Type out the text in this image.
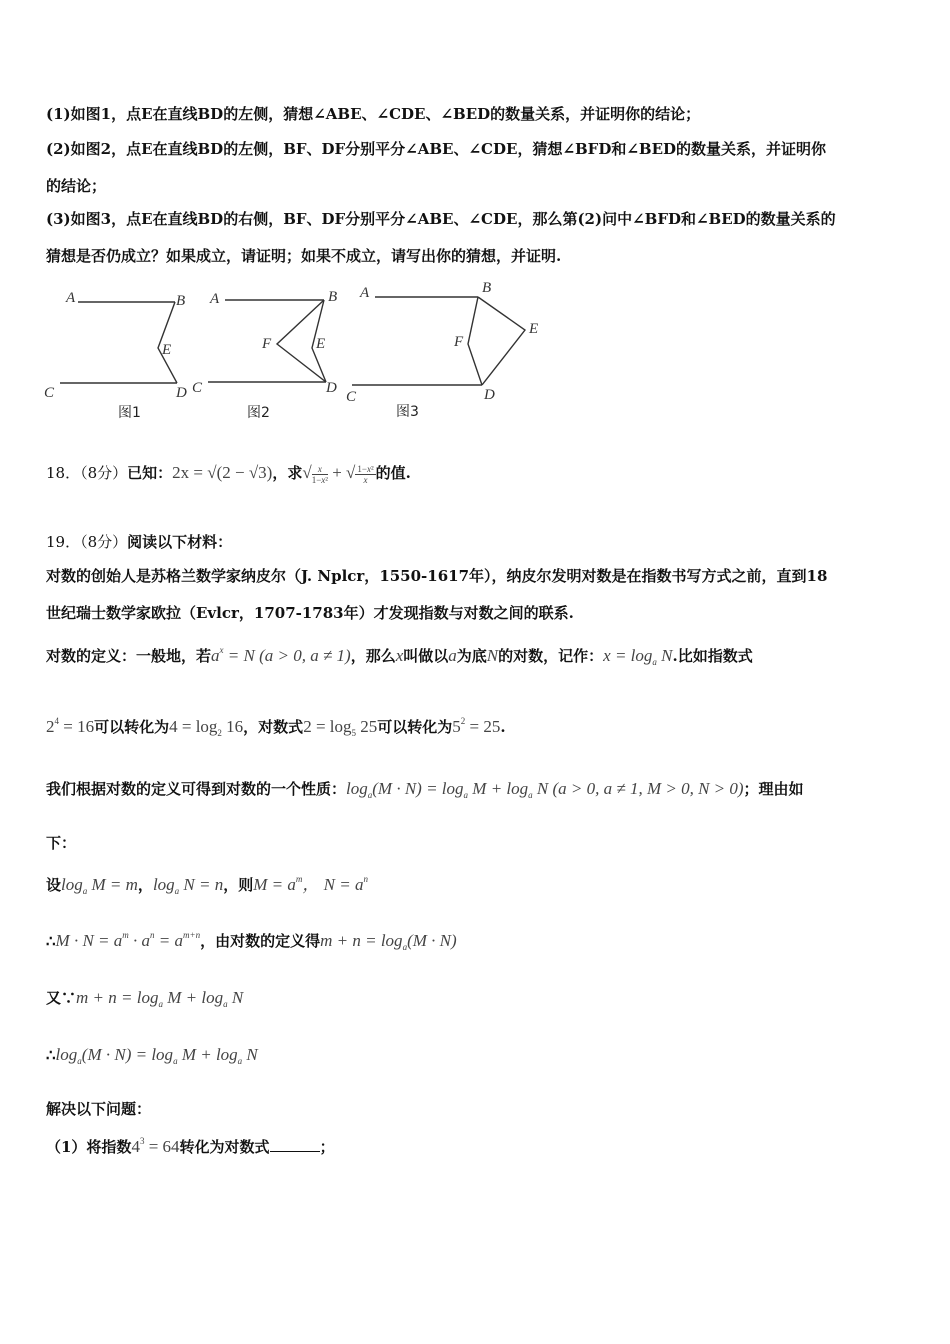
(1)如图1，点E在直线BD的左侧，猜想∠ABE、∠CDE、∠BED的数量关系，并证明你的结论；
(2)如图2，点E在直线BD的左侧，BF、DF分别平分∠ABE、∠CDE，猜想∠BFD和∠BED的数量关系，并证明你
的结论；
(3)如图3，点E在直线BD的右侧，BF、DF分别平分∠ABE、∠CDE，那么第(2)问中∠BFD和∠BED的数量关系的
猜想是否仍成立？如果成立，请证明；如果不成立，请写出你的猜想，并证明.
A	B
E
C	D
图1
A	B
F	E
C	D
图2
A	B
F
E
C	D
图3
18．（8分）已知：2x = √(2 − √3)，求√ $\frac{x}{\text{1−x²}}$ + √ $\frac{\text{1−x²}}{x}$ 的值.
19．（8分）阅读以下材料：
对数的创始人是苏格兰数学家纳皮尔（J. Nplcr，1550-1617年），纳皮尔发明对数是在指数书写方式之前，直到18
世纪瑞士数学家欧拉（Evlcr，1707-1783年）才发现指数与对数之间的联系.
对数的定义：一般地，若$a^x = N$ (a > 0, a ≠ 1)，那么x叫做以a为底N的对数，记作：$x = \log_a N$.比如指数式
$2^4 = 16$可以转化为$4 = \log_2 16$，对数式$2 = \log_5 25$可以转化为$5^2 = 25$.
我们根据对数的定义可得到对数的一个性质：$\log_a(M \cdot N) = \log_a M + \log_a N$ (a > 0, a ≠ 1, M > 0, N > 0)；理由如
下：
设$\log_a M = m$，$\log_a N = n$，则$M = a^m$， $N = a^n$
∴M · $N = a^m \cdot a^n = a^{m+n}$，由对数的定义得$m + n = \log_a(M \cdot N)$
又∵m + $n = \log_a M + \log_a N$
$\therefore\log_a(M \cdot N) = \log_a M + \log_a N$
解决以下问题：
（1）将指数$4^3 = 64$转化为对数式	；
